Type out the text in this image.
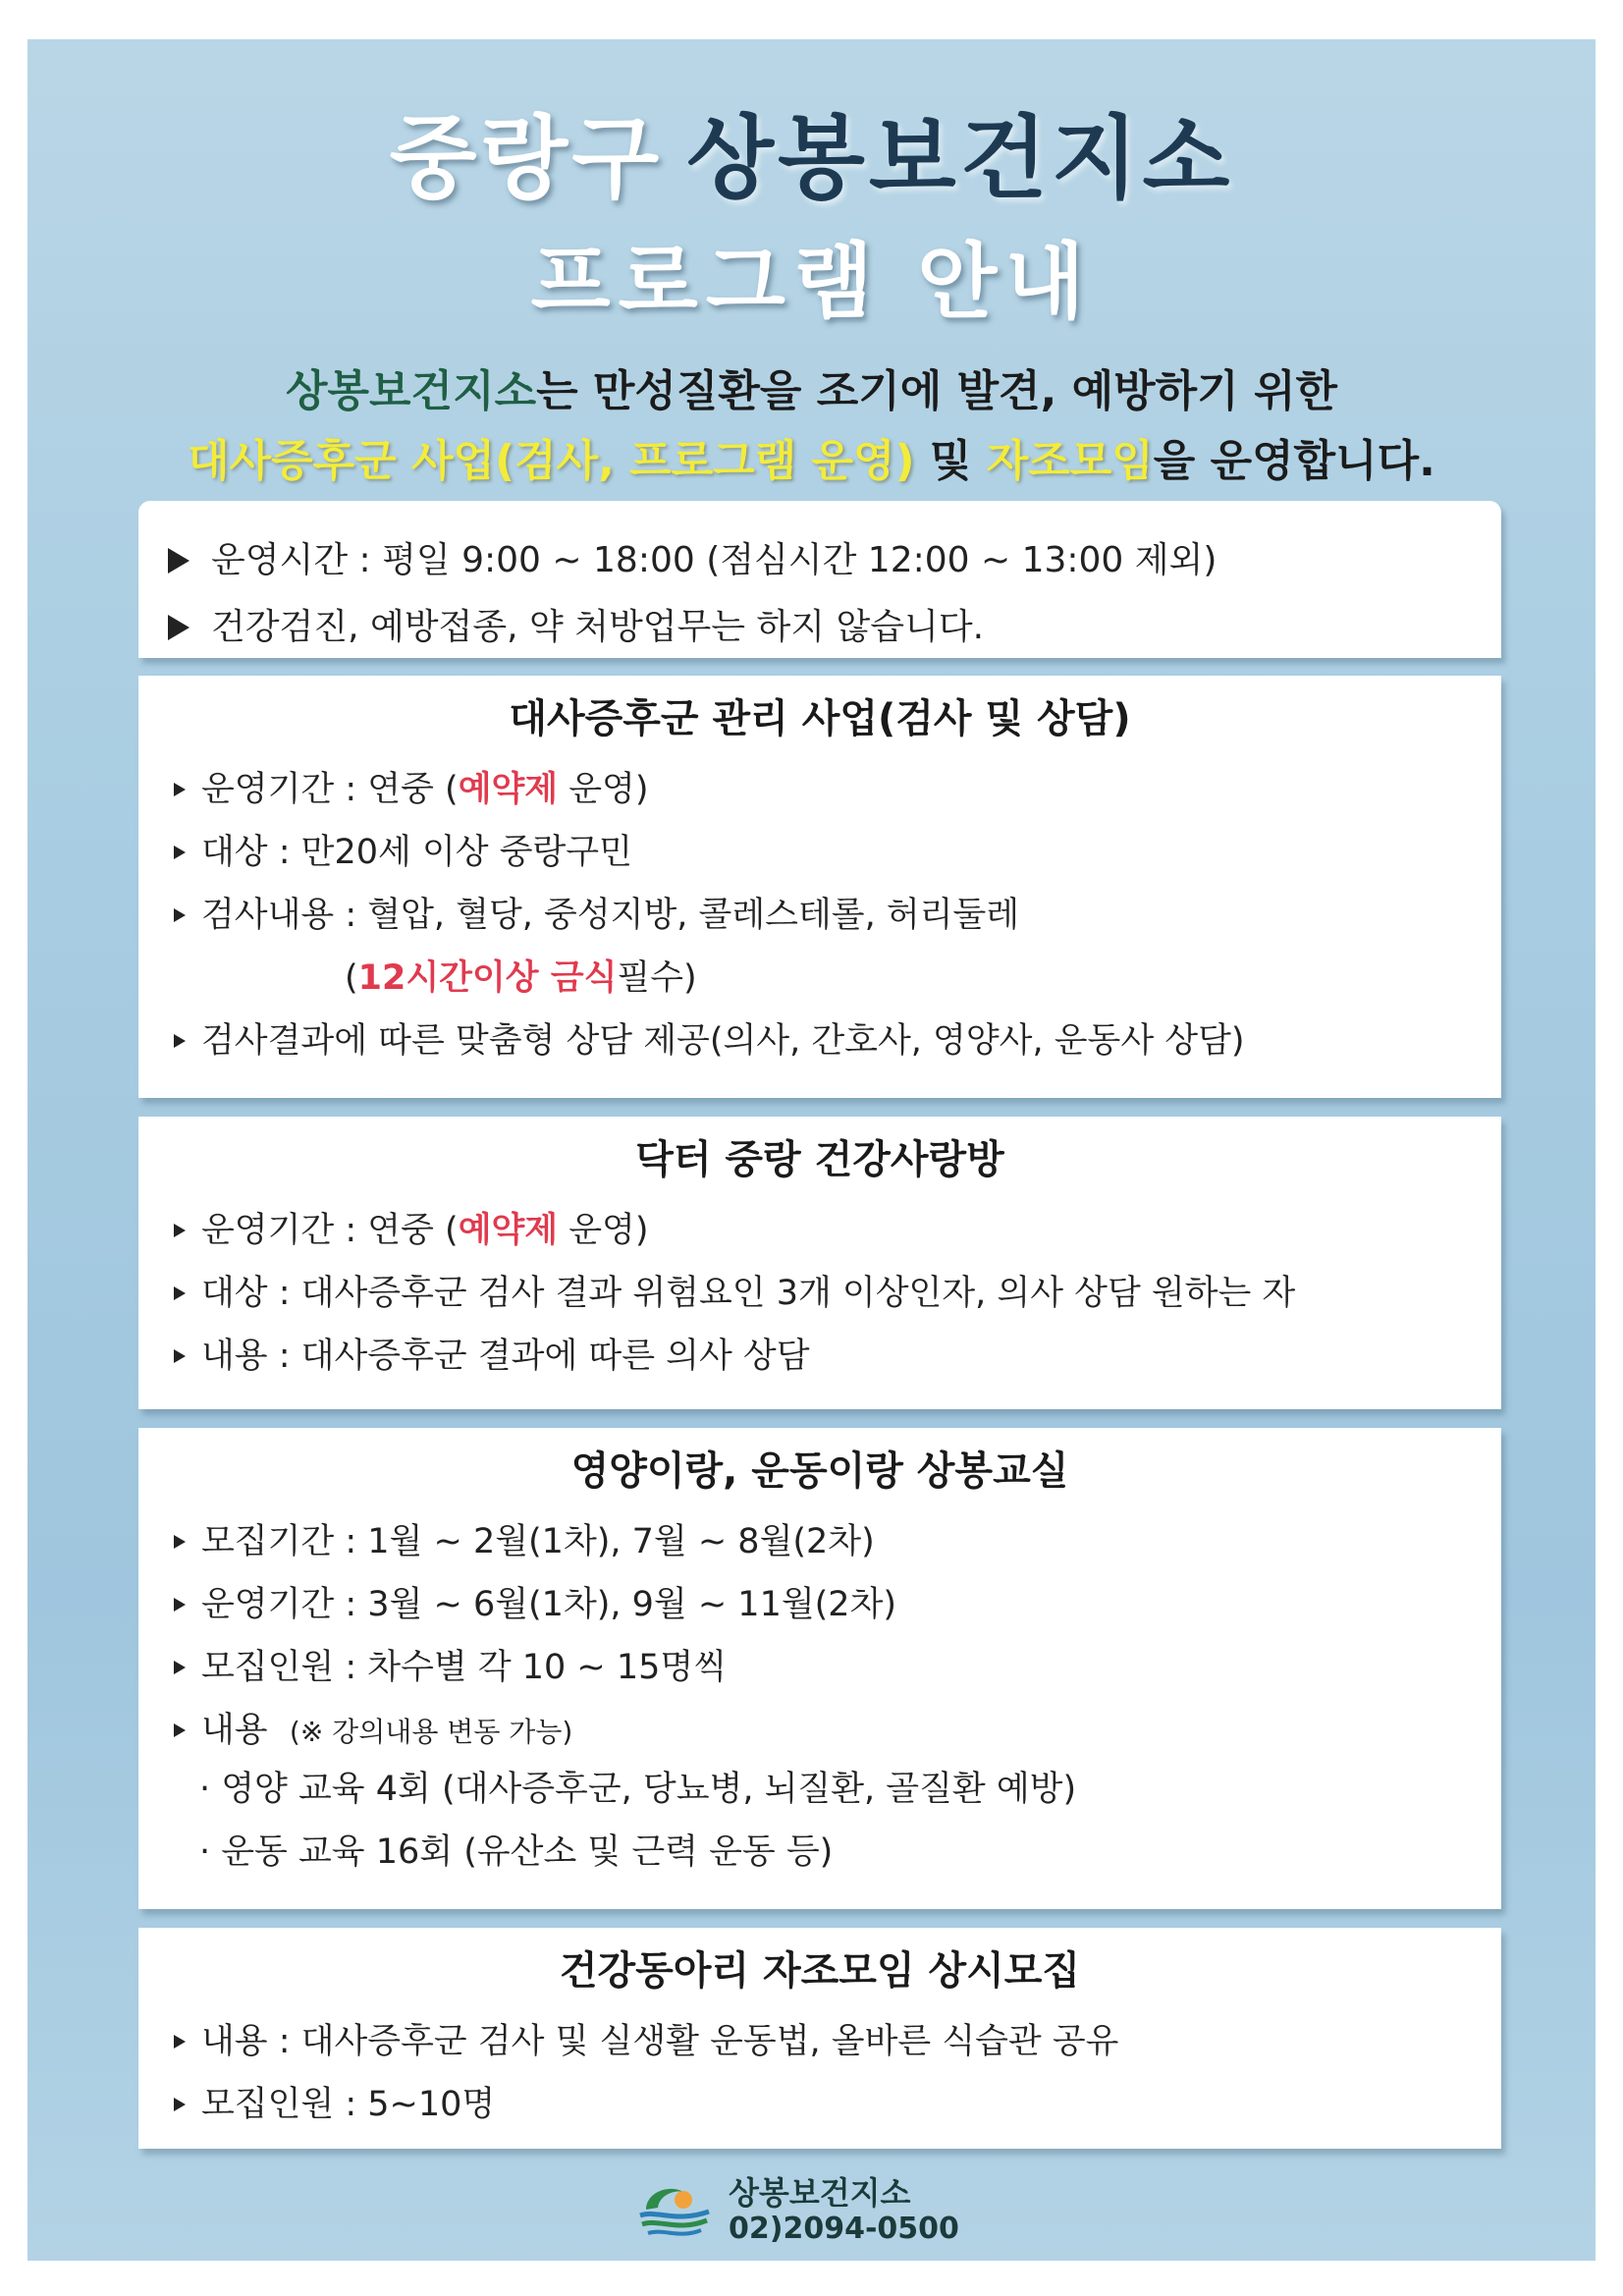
중랑구 상봉보건지소
프로그램 안내
상봉보건지소는 만성질환을 조기에 발견, 예방하기 위한
대사증후군 사업(검사, 프로그램 운영) 및 자조모임을 운영합니다.
운영시간 : 평일 9:00 ~ 18:00 (점심시간 12:00 ~ 13:00 제외)
건강검진, 예방접종, 약 처방업무는 하지 않습니다.
대사증후군 관리 사업(검사 및 상담)
운영기간 : 연중 (예약제 운영)
대상 : 만20세 이상 중랑구민
검사내용 : 혈압, 혈당, 중성지방, 콜레스테롤, 허리둘레
(12시간이상 금식필수)
검사결과에 따른 맞춤형 상담 제공(의사, 간호사, 영양사, 운동사 상담)
닥터 중랑 건강사랑방
운영기간 : 연중 (예약제 운영)
대상 : 대사증후군 검사 결과 위험요인 3개 이상인자, 의사 상담 원하는 자
내용 : 대사증후군 결과에 따른 의사 상담
영양이랑, 운동이랑 상봉교실
모집기간 : 1월 ~ 2월(1차), 7월 ~ 8월(2차)
운영기간 : 3월 ~ 6월(1차), 9월 ~ 11월(2차)
모집인원 : 차수별 각 10 ~ 15명씩
내용 (※ 강의내용 변동 가능)
· 영양 교육 4회 (대사증후군, 당뇨병, 뇌질환, 골질환 예방)
· 운동 교육 16회 (유산소 및 근력 운동 등)
건강동아리 자조모임 상시모집
내용 : 대사증후군 검사 및 실생활 운동법, 올바른 식습관 공유
모집인원 : 5~10명
상봉보건지소
02)2094-0500
